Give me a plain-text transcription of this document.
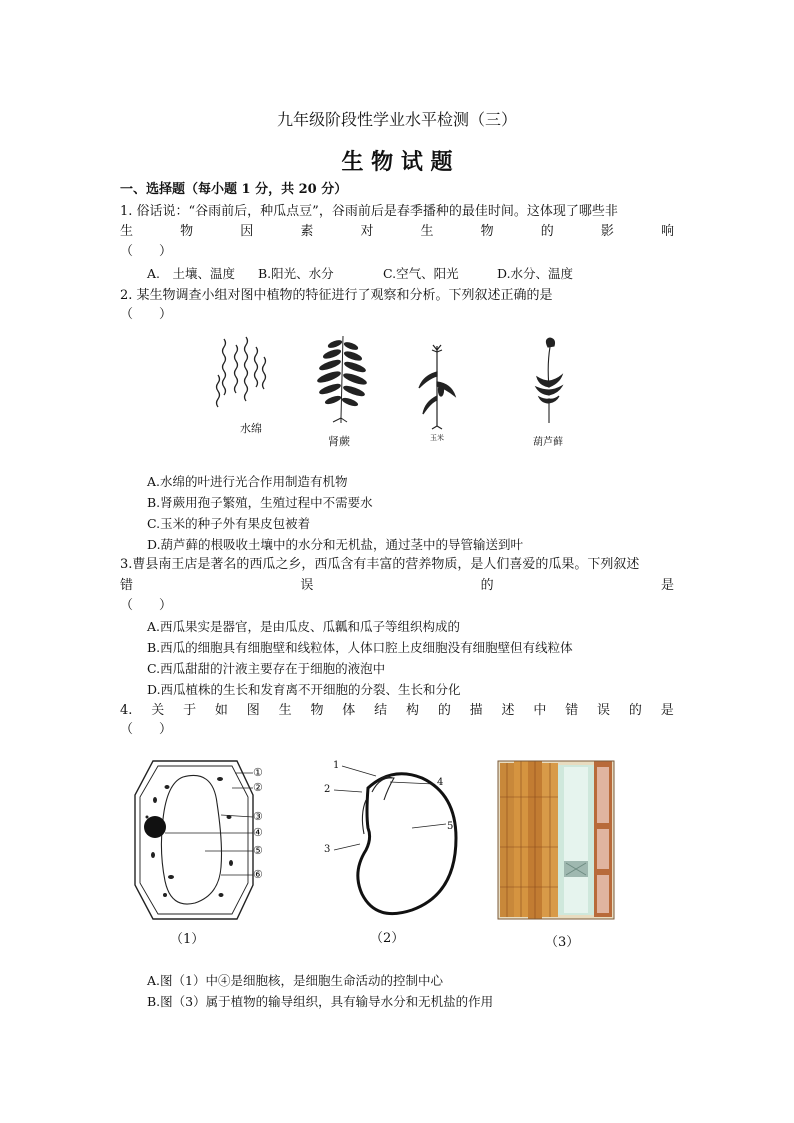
九年级阶段性学业水平检测（三）
生 物 试 题
一、选择题（每小题 1 分，共 20 分）
1. 俗话说：“谷雨前后，种瓜点豆”，谷雨前后是春季播种的最佳时间。这体现了哪些非
生	物	因	素	对	生	物	的	影	响
（　　）
A.　土壤、温度 B.阳光、水分	C.空气、阳光	D.水分、温度
2. 某生物调查小组对图中植物的特征进行了观察和分析。下列叙述正确的是
（　　）
水绵
肾蕨	玉米	葫芦藓
A.水绵的叶进行光合作用制造有机物
B.肾蕨用孢子繁殖，生殖过程中不需要水
C.玉米的种子外有果皮包被着
D.葫芦藓的根吸收土壤中的水分和无机盐，通过茎中的导管输送到叶
3.曹县南王店是著名的西瓜之乡，西瓜含有丰富的营养物质，是人们喜爱的瓜果。下列叙述
错	误	的	是
（　　）
A.西瓜果实是器官，是由瓜皮、瓜瓤和瓜子等组织构成的
B.西瓜的细胞具有细胞壁和线粒体，人体口腔上皮细胞没有细胞壁但有线粒体
C.西瓜甜甜的汁液主要存在于细胞的液泡中
D.西瓜植株的生长和发育离不开细胞的分裂、生长和分化
4. 关 于 如 图 生 物 体 结 构 的 描 述 中 错 误 的 是
（　　）
①
②
③
④
⑤
⑥
（1）
1
2
3
4
5
（2）	（3）
A.图（1）中④是细胞核，是细胞生命活动的控制中心
B.图（3）属于植物的输导组织，具有输导水分和无机盐的作用
